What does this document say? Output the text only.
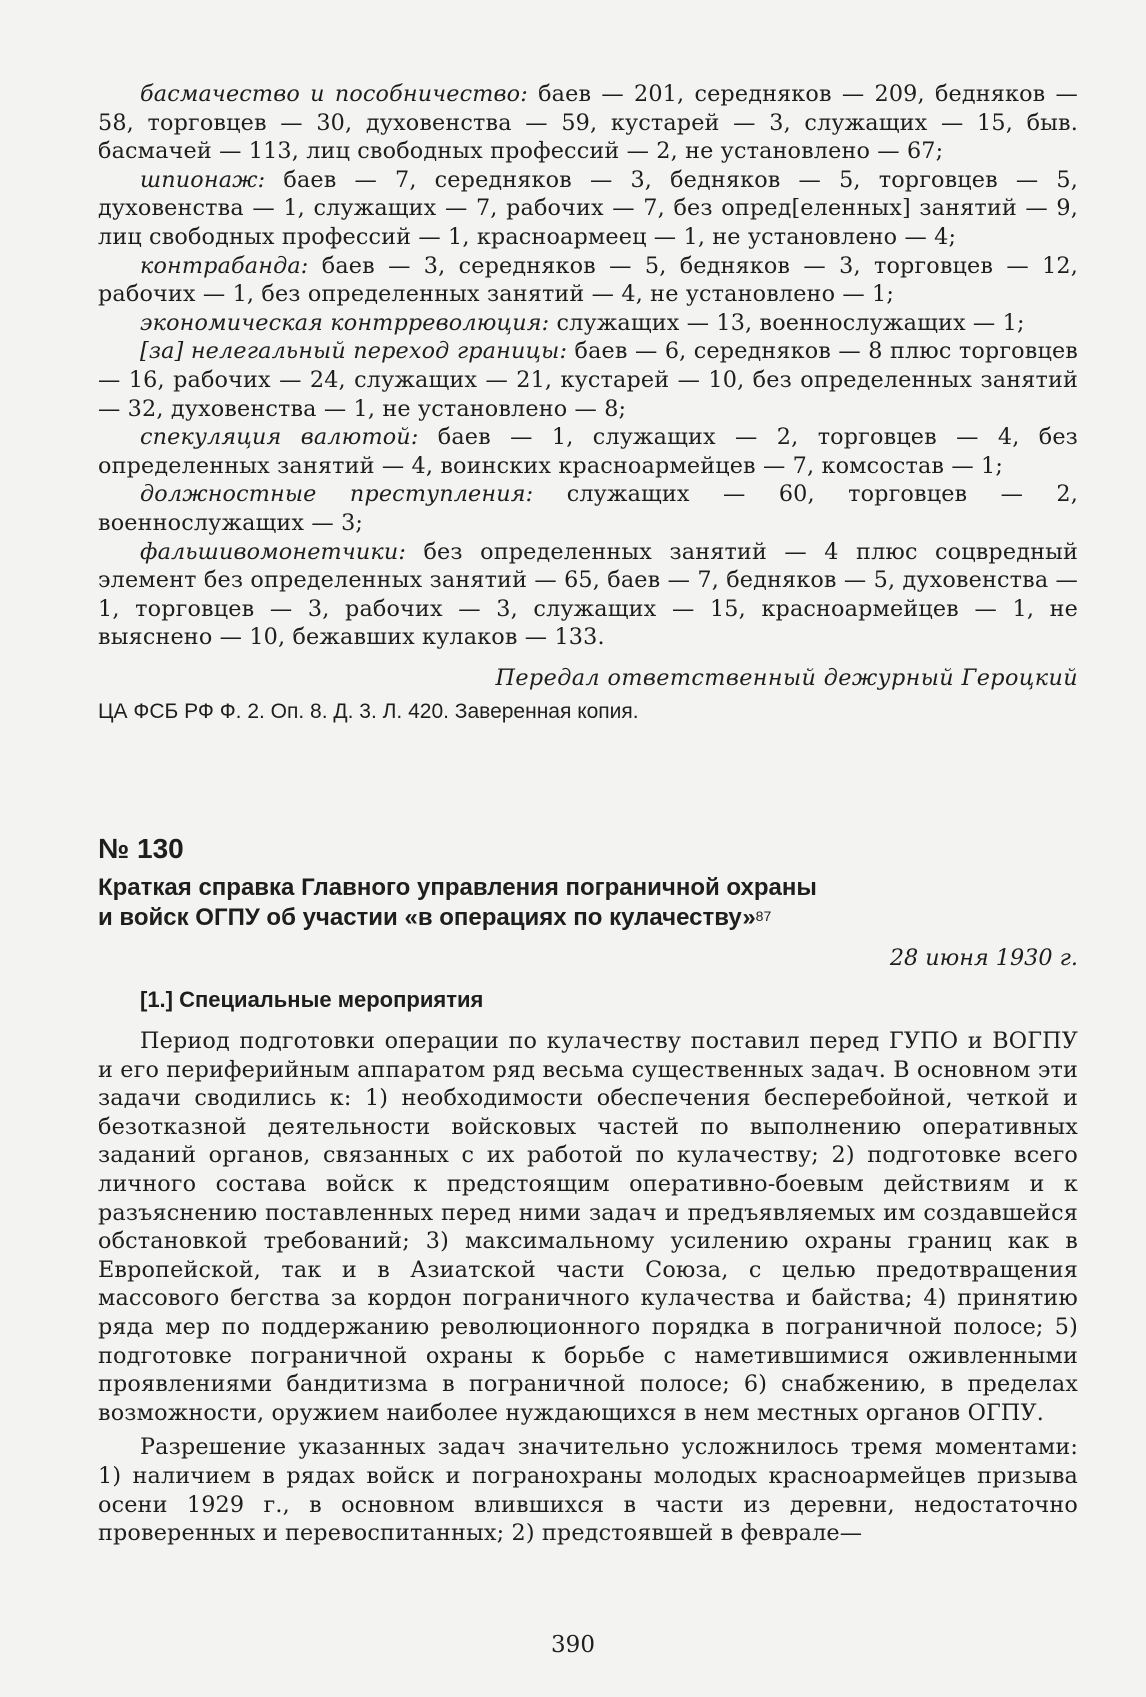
басмачество и пособничество: баев — 201, середняков — 209, бедняков — 58, торговцев — 30, духовенства — 59, кустарей — 3, служащих — 15, быв. басмачей — 113, лиц свободных профессий — 2, не установлено — 67;

шпионаж: баев — 7, середняков — 3, бедняков — 5, торговцев — 5, духовенства — 1, служащих — 7, рабочих — 7, без опред[еленных] занятий — 9, лиц свободных профессий — 1, красноармеец — 1, не установлено — 4;

контрабанда: баев — 3, середняков — 5, бедняков — 3, торговцев — 12, рабочих — 1, без определенных занятий — 4, не установлено — 1;

экономическая контрреволюция: служащих — 13, военнослужащих — 1;

[за] нелегальный переход границы: баев — 6, середняков — 8 плюс торговцев — 16, рабочих — 24, служащих — 21, кустарей — 10, без определенных занятий — 32, духовенства — 1, не установлено — 8;

спекуляция валютой: баев — 1, служащих — 2, торговцев — 4, без определенных занятий — 4, воинских красноармейцев — 7, комсостав — 1;

должностные преступления: служащих — 60, торговцев — 2, военнослужащих — 3;

фальшивомонетчики: без определенных занятий — 4 плюс соцвредный элемент без определенных занятий — 65, баев — 7, бедняков — 5, духовенства — 1, торговцев — 3, рабочих — 3, служащих — 15, красноармейцев — 1, не выяснено — 10, бежавших кулаков — 133.

Передал ответственный дежурный Героцкий
ЦА ФСБ РФ Ф. 2. Оп. 8. Д. 3. Л. 420. Заверенная копия.
№ 130
Краткая справка Главного управления пограничной охраны
и войск ОГПУ об участии «в операциях по кулачеству»$^{87}$
28 июня 1930 г.
[1.] Специальные мероприятия

Период подготовки операции по кулачеству поставил перед ГУПО и ВОГПУ и его периферийным аппаратом ряд весьма существенных задач. В основном эти задачи сводились к: 1) необходимости обеспечения бесперебойной, четкой и безотказной деятельности войсковых частей по выполнению оперативных заданий органов, связанных с их работой по кулачеству; 2) подготовке всего личного состава войск к предстоящим оперативно-боевым действиям и к разъяснению поставленных перед ними задач и предъявляемых им создавшейся обстановкой требований; 3) максимальному усилению охраны границ как в Европейской, так и в Азиатской части Союза, с целью предотвращения массового бегства за кордон пограничного кулачества и байства; 4) принятию ряда мер по поддержанию революционного порядка в пограничной полосе; 5) подготовке пограничной охраны к борьбе с наметившимися оживленными проявлениями бандитизма в пограничной полосе; 6) снабжению, в пределах возможности, оружием наиболее нуждающихся в нем местных органов ОГПУ.

Разрешение указанных задач значительно усложнилось тремя моментами: 1) наличием в рядах войск и погранохраны молодых красноармейцев призыва осени 1929 г., в основном влившихся в части из деревни, недостаточно проверенных и перевоспитанных; 2) предстоявшей в феврале—

390
